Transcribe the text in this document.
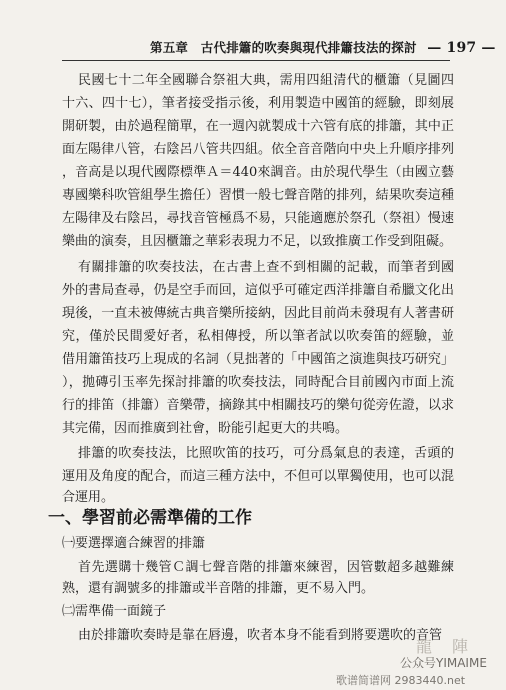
第五章　古代排簫的吹奏與現代排簫技法的探討 — 197 —
民國七十二年全國聯合祭祖大典，需用四組清代的櫃簫（見圖四
十六、四十七），筆者接受指示後，利用製造中國笛的經驗，即刻展
開研製，由於過程簡單，在一週內就製成十六管有底的排簫，其中正
面左陽律八管，右陰呂八管共四組。依全音音階向中央上升順序排列
，音高是以現代國際標準Ａ＝440來調音。由於現代學生（由國立藝
專國樂科吹管組學生擔任）習慣一般七聲音階的排列，結果吹奏這種
左陽律及右陰呂，尋找音管極爲不易，只能適應於祭孔（祭祖）慢速
樂曲的演奏，且因櫃簫之華彩表現力不足，以致推廣工作受到阻礙。
有關排簫的吹奏技法，在古書上查不到相關的記載，而筆者到國
外的書局查尋，仍是空手而回，這似乎可確定西洋排簫自希臘文化出
現後，一直未被傳統古典音樂所接納，因此目前尚未發現有人著書研
究，僅於民間愛好者，私相傳授，所以筆者試以吹奏笛的經驗，並
借用簫笛技巧上現成的名詞（見拙著的「中國笛之演進與技巧研究」
），拋磚引玉率先探討排簫的吹奏技法，同時配合目前國內市面上流
行的排笛（排簫）音樂帶，摘錄其中相關技巧的樂句從旁佐證，以求
其完備，因而推廣到社會，盼能引起更大的共鳴。
排簫的吹奏技法，比照吹笛的技巧，可分爲氣息的表達，舌頭的
運用及角度的配合，而這三種方法中，不但可以單獨使用，也可以混
合運用。
一、學習前必需準備的工作
㈠要選擇適合練習的排簫
首先選購十幾管Ｃ調七聲音階的排簫來練習，因管數超多越難練
熟，還有調號多的排簫或半音階的排簫，更不易入門。
㈡需準備一面鏡子
由於排簫吹奏時是靠在唇邊，吹者本身不能看到將要選吹的音管
龍　陣
公众号YIMAIME
歌谱简谱网 2983440.net
